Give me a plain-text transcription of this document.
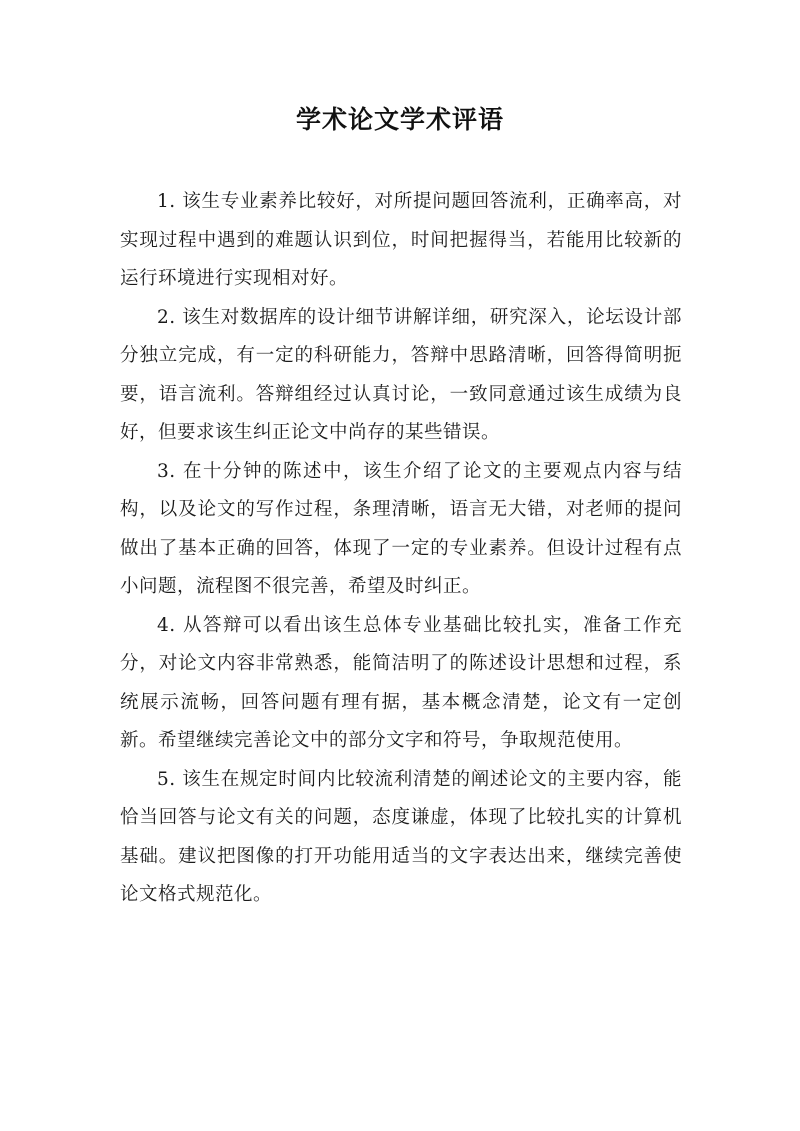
学术论文学术评语

1. 该生专业素养比较好，对所提问题回答流利，正确率高，对实现过程中遇到的难题认识到位，时间把握得当，若能用比较新的运行环境进行实现相对好。

2. 该生对数据库的设计细节讲解详细，研究深入，论坛设计部分独立完成，有一定的科研能力，答辩中思路清晰，回答得简明扼要，语言流利。答辩组经过认真讨论，一致同意通过该生成绩为良好，但要求该生纠正论文中尚存的某些错误。

3. 在十分钟的陈述中，该生介绍了论文的主要观点内容与结构，以及论文的写作过程，条理清晰，语言无大错，对老师的提问做出了基本正确的回答，体现了一定的专业素养。但设计过程有点小问题，流程图不很完善，希望及时纠正。

4. 从答辩可以看出该生总体专业基础比较扎实，准备工作充分，对论文内容非常熟悉，能简洁明了的陈述设计思想和过程，系统展示流畅，回答问题有理有据，基本概念清楚，论文有一定创新。希望继续完善论文中的部分文字和符号，争取规范使用。

5. 该生在规定时间内比较流利清楚的阐述论文的主要内容，能恰当回答与论文有关的问题，态度谦虚，体现了比较扎实的计算机基础。建议把图像的打开功能用适当的文字表达出来，继续完善使论文格式规范化。
